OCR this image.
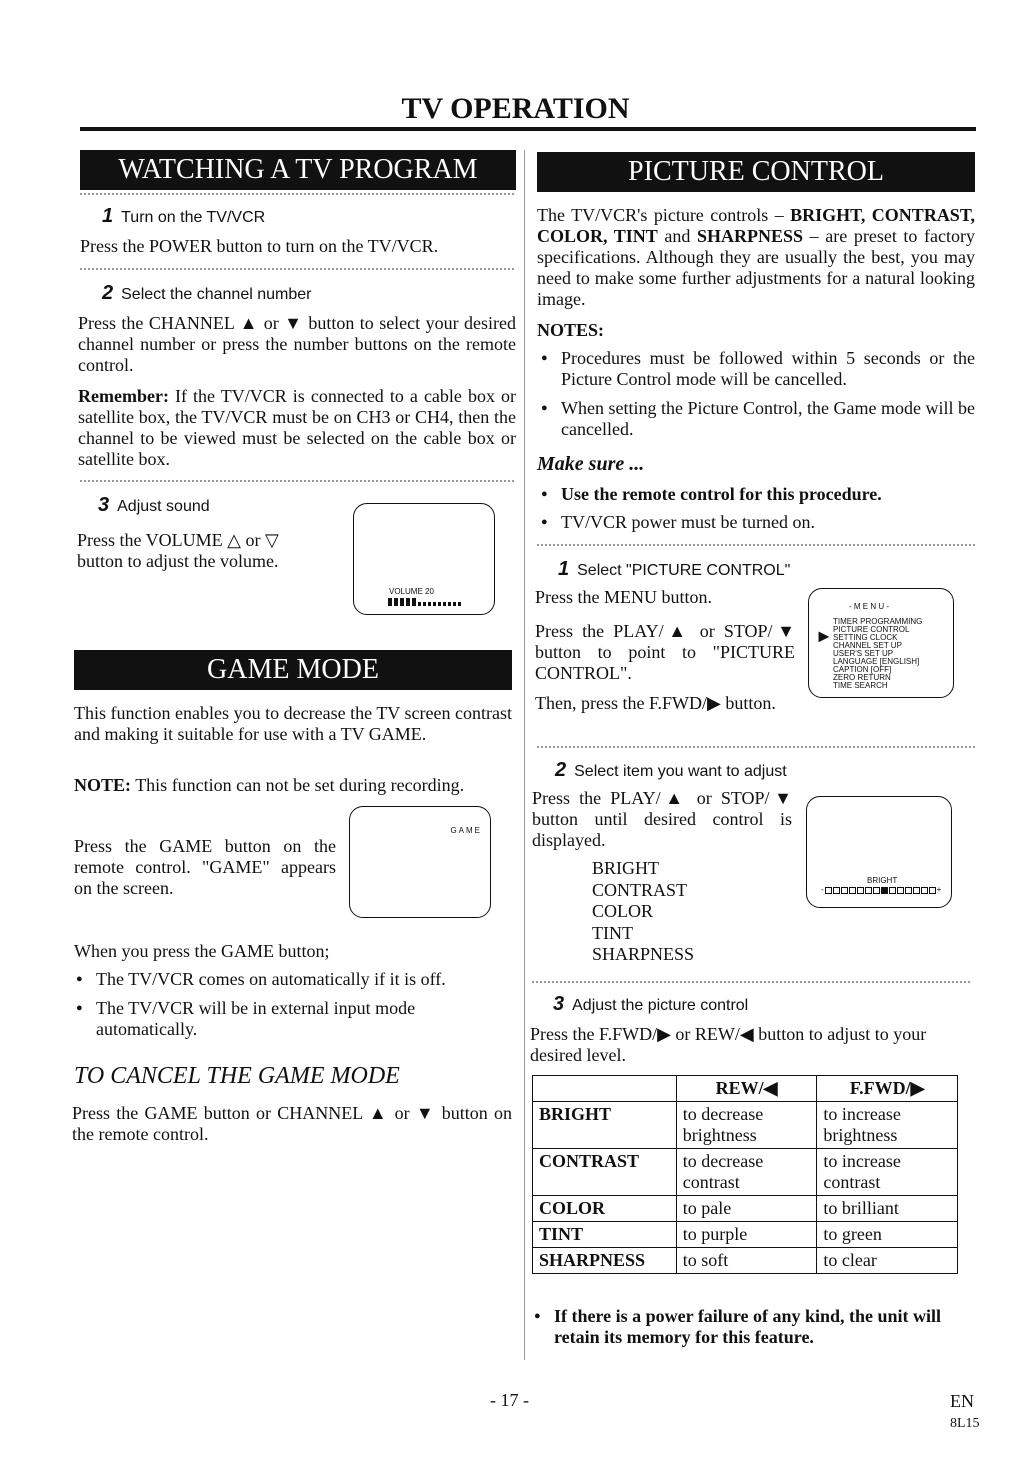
TV OPERATION
WATCHING A TV PROGRAM
1 Turn on the TV/VCR

Press the POWER button to turn on the TV/VCR.

2 Select the channel number

Press the CHANNEL ▲ or ▼ button to select your desired channel number or press the number buttons on the remote control.

Remember: If the TV/VCR is connected to a cable box or satellite box, the TV/VCR must be on CH3 or CH4, then the channel to be viewed must be selected on the cable box or satellite box.

3 Adjust sound

Press the VOLUME △ or ▽ button to adjust the volume.

VOLUME 20
GAME MODE

This function enables you to decrease the TV screen contrast and making it suitable for use with a TV GAME.

NOTE: This function can not be set during recording.

Press the GAME button on the remote control. "GAME" appears on the screen.

GAME

When you press the GAME button;

● The TV/VCR comes on automatically if it is off.
● The TV/VCR will be in external input mode automatically.
TO CANCEL THE GAME MODE

Press the GAME button or CHANNEL ▲ or ▼ button on the remote control.

PICTURE CONTROL

The TV/VCR's picture controls – BRIGHT, CONTRAST, COLOR, TINT and SHARPNESS – are preset to factory specifications. Although they are usually the best, you may need to make some further adjustments for a natural looking image.

NOTES:
● Procedures must be followed within 5 seconds or the Picture Control mode will be cancelled.
● When setting the Picture Control, the Game mode will be cancelled.
Make sure ...
● Use the remote control for this procedure.
● TV/VCR power must be turned on.
1 Select "PICTURE CONTROL"

Press the MENU button.

Press the PLAY/▲ or STOP/▼ button to point to "PICTURE CONTROL".

Then, press the F.FWD/▶ button.

- M E N U -
TIMER PROGRAMMING
► PICTURE CONTROL
SETTING CLOCK
CHANNEL SET UP
USER'S SET UP
LANGUAGE [ENGLISH]
CAPTION [OFF]
ZERO RETURN
TIME SEARCH
2 Select item you want to adjust

Press the PLAY/▲ or STOP/▼ button until desired control is displayed.

BRIGHT
CONTRAST
COLOR
TINT
SHARPNESS
BRIGHT
-	+
3 Adjust the picture control

Press the F.FWD/▶ or REW/◀ button to adjust to your desired level.

	REW/◀	F.FWD/▶
BRIGHT	to decrease brightness	to increase brightness
CONTRAST	to decrease contrast	to increase contrast
COLOR	to pale	to brilliant
TINT	to purple	to green
SHARPNESS	to soft	to clear
● If there is a power failure of any kind, the unit will retain its memory for this feature.
- 17 -	EN
8L15
